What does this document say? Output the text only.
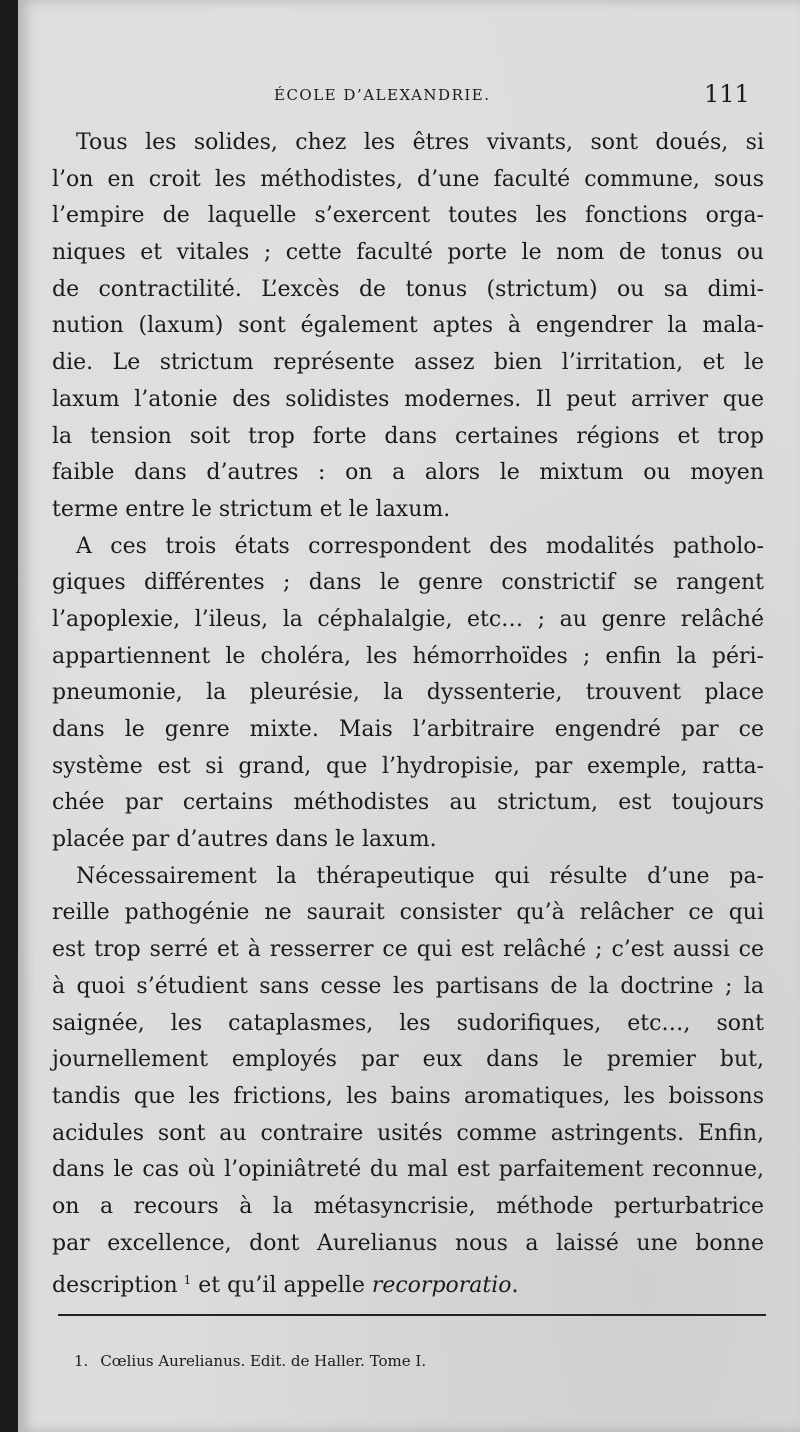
ÉCOLE D’ALEXANDRIE.	111
Tous les solides, chez les êtres vivants, sont doués, si
l’on en croit les méthodistes, d’une faculté commune, sous
l’empire de laquelle s’exercent toutes les fonctions orga-
niques et vitales ; cette faculté porte le nom de tonus ou
de contractilité. L’excès de tonus (strictum) ou sa dimi-
nution (laxum) sont également aptes à engendrer la mala-
die. Le strictum représente assez bien l’irritation, et le
laxum l’atonie des solidistes modernes. Il peut arriver que
la tension soit trop forte dans certaines régions et trop
faible dans d’autres : on a alors le mixtum ou moyen
terme entre le strictum et le laxum.
A ces trois états correspondent des modalités patholo-
giques différentes ; dans le genre constrictif se rangent
l’apoplexie, l’ileus, la céphalalgie, etc… ; au genre relâché
appartiennent le choléra, les hémorrhoïdes ; enfin la péri-
pneumonie, la pleurésie, la dyssenterie, trouvent place
dans le genre mixte. Mais l’arbitraire engendré par ce
système est si grand, que l’hydropisie, par exemple, ratta-
chée par certains méthodistes au strictum, est toujours
placée par d’autres dans le laxum.
Nécessairement la thérapeutique qui résulte d’une pa-
reille pathogénie ne saurait consister qu’à relâcher ce qui
est trop serré et à resserrer ce qui est relâché ; c’est aussi ce
à quoi s’étudient sans cesse les partisans de la doctrine ; la
saignée, les cataplasmes, les sudorifiques, etc…, sont
journellement employés par eux dans le premier but,
tandis que les frictions, les bains aromatiques, les boissons
acidules sont au contraire usités comme astringents. Enfin,
dans le cas où l’opiniâtreté du mal est parfaitement reconnue,
on a recours à la métasyncrisie, méthode perturbatrice
par excellence, dont Aurelianus nous a laissé une bonne
description $^1$ et qu’il appelle recorporatio.
1. Cœlius Aurelianus. Edit. de Haller. Tome I.
